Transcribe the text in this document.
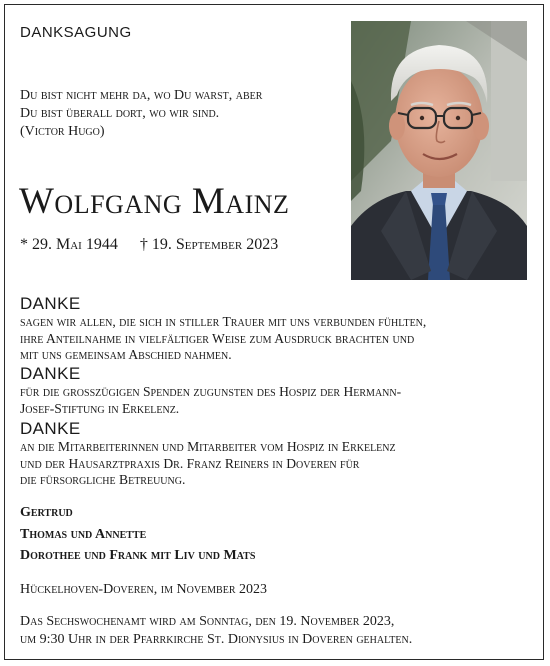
DANKSAGUNG
Du bist nicht mehr da, wo Du warst, aber
Du bist überall dort, wo wir sind.
(Victor Hugo)
Wolfgang Mainz
* 29. Mai 1944 † 19. September 2023
DANKE
sagen wir allen, die sich in stiller Trauer mit uns verbunden fühlten,
ihre Anteilnahme in vielfältiger Weise zum Ausdruck brachten und
mit uns gemeinsam Abschied nahmen.
DANKE
für die grosszügigen Spenden zugunsten des Hospiz der Hermann-
Josef-Stiftung in Erkelenz.
DANKE
an die Mitarbeiterinnen und Mitarbeiter vom Hospiz in Erkelenz
und der Hausarztpraxis Dr. Franz Reiners in Doveren für
die fürsorgliche Betreuung.
Gertrud
Thomas und Annette
Dorothee und Frank mit Liv und Mats
Hückelhoven-Doveren, im November 2023
Das Sechswochenamt wird am Sonntag, den 19. November 2023,
um 9:30 Uhr in der Pfarrkirche St. Dionysius in Doveren gehalten.
